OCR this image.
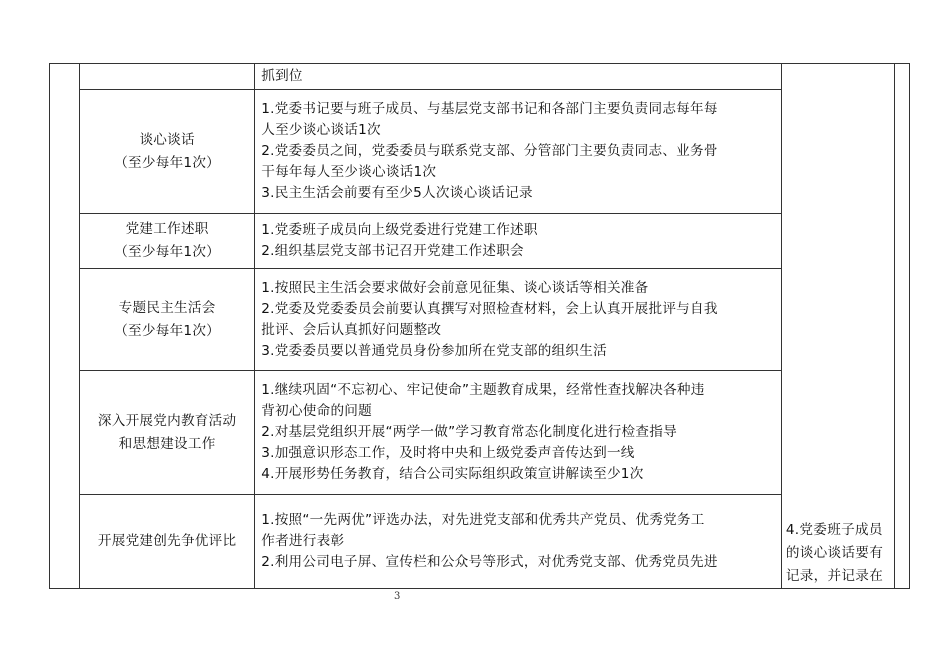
		抓到位	4.党委班子成员
的谈心谈话要有
记录，并记录在	

	谈心谈话
（至少每年1次）	1.党委书记要与班子成员、与基层党支部书记和各部门主要负责同志每年每
人至少谈心谈话1次
2.党委委员之间，党委委员与联系党支部、分管部门主要负责同志、业务骨
干每年每人至少谈心谈话1次
3.民主生活会前要有至少5人次谈心谈话记录		

	党建工作述职
（至少每年1次）	1.党委班子成员向上级党委进行党建工作述职
2.组织基层党支部书记召开党建工作述职会		

	专题民主生活会
（至少每年1次）	1.按照民主生活会要求做好会前意见征集、谈心谈话等相关准备
2.党委及党委委员会前要认真撰写对照检查材料，会上认真开展批评与自我
批评、会后认真抓好问题整改
3.党委委员要以普通党员身份参加所在党支部的组织生活		

	深入开展党内教育活动
和思想建设工作	1.继续巩固“不忘初心、牢记使命”主题教育成果，经常性查找解决各种违
背初心使命的问题
2.对基层党组织开展“两学一做”学习教育常态化制度化进行检查指导
3.加强意识形态工作，及时将中央和上级党委声音传达到一线
4.开展形势任务教育，结合公司实际组织政策宣讲解读至少1次		

	开展党建创先争优评比	1.按照“一先两优”评选办法，对先进党支部和优秀共产党员、优秀党务工
作者进行表彰
2.利用公司电子屏、宣传栏和公众号等形式，对优秀党支部、优秀党员先进		
3
